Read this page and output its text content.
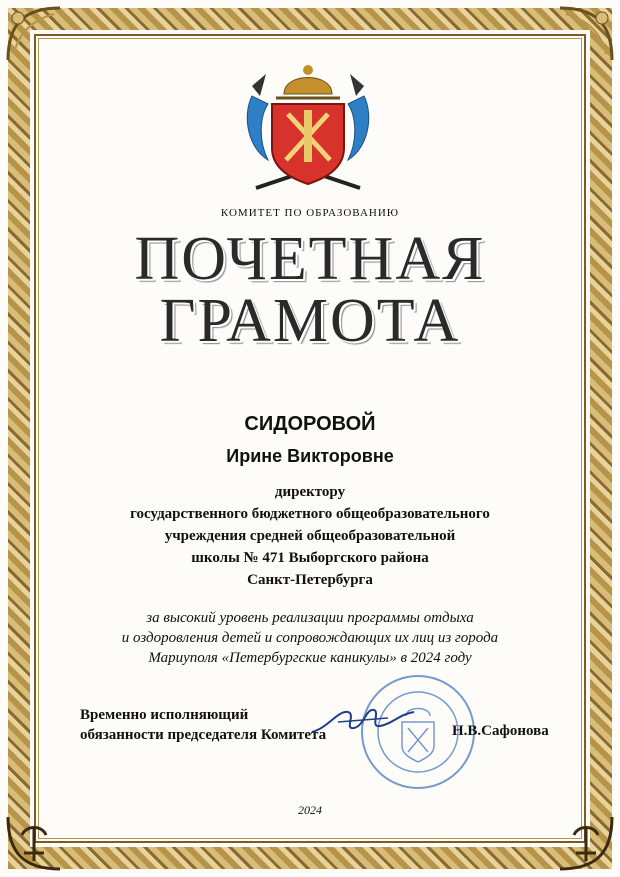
КОМИТЕТ ПО ОБРАЗОВАНИЮ
ПОЧЕТНАЯ
ГРАМОТА
СИДОРОВОЙ
Ирине Викторовне
директору
государственного бюджетного общеобразовательного
учреждения средней общеобразовательной
школы № 471 Выборгского района
Санкт-Петербурга
за высокий уровень реализации программы отдыха
и оздоровления детей и сопровождающих их лиц из города
Мариуполя «Петербургские каникулы» в 2024 году
Временно исполняющий
обязанности председателя Комитета	Н.В.Сафонова
2024
